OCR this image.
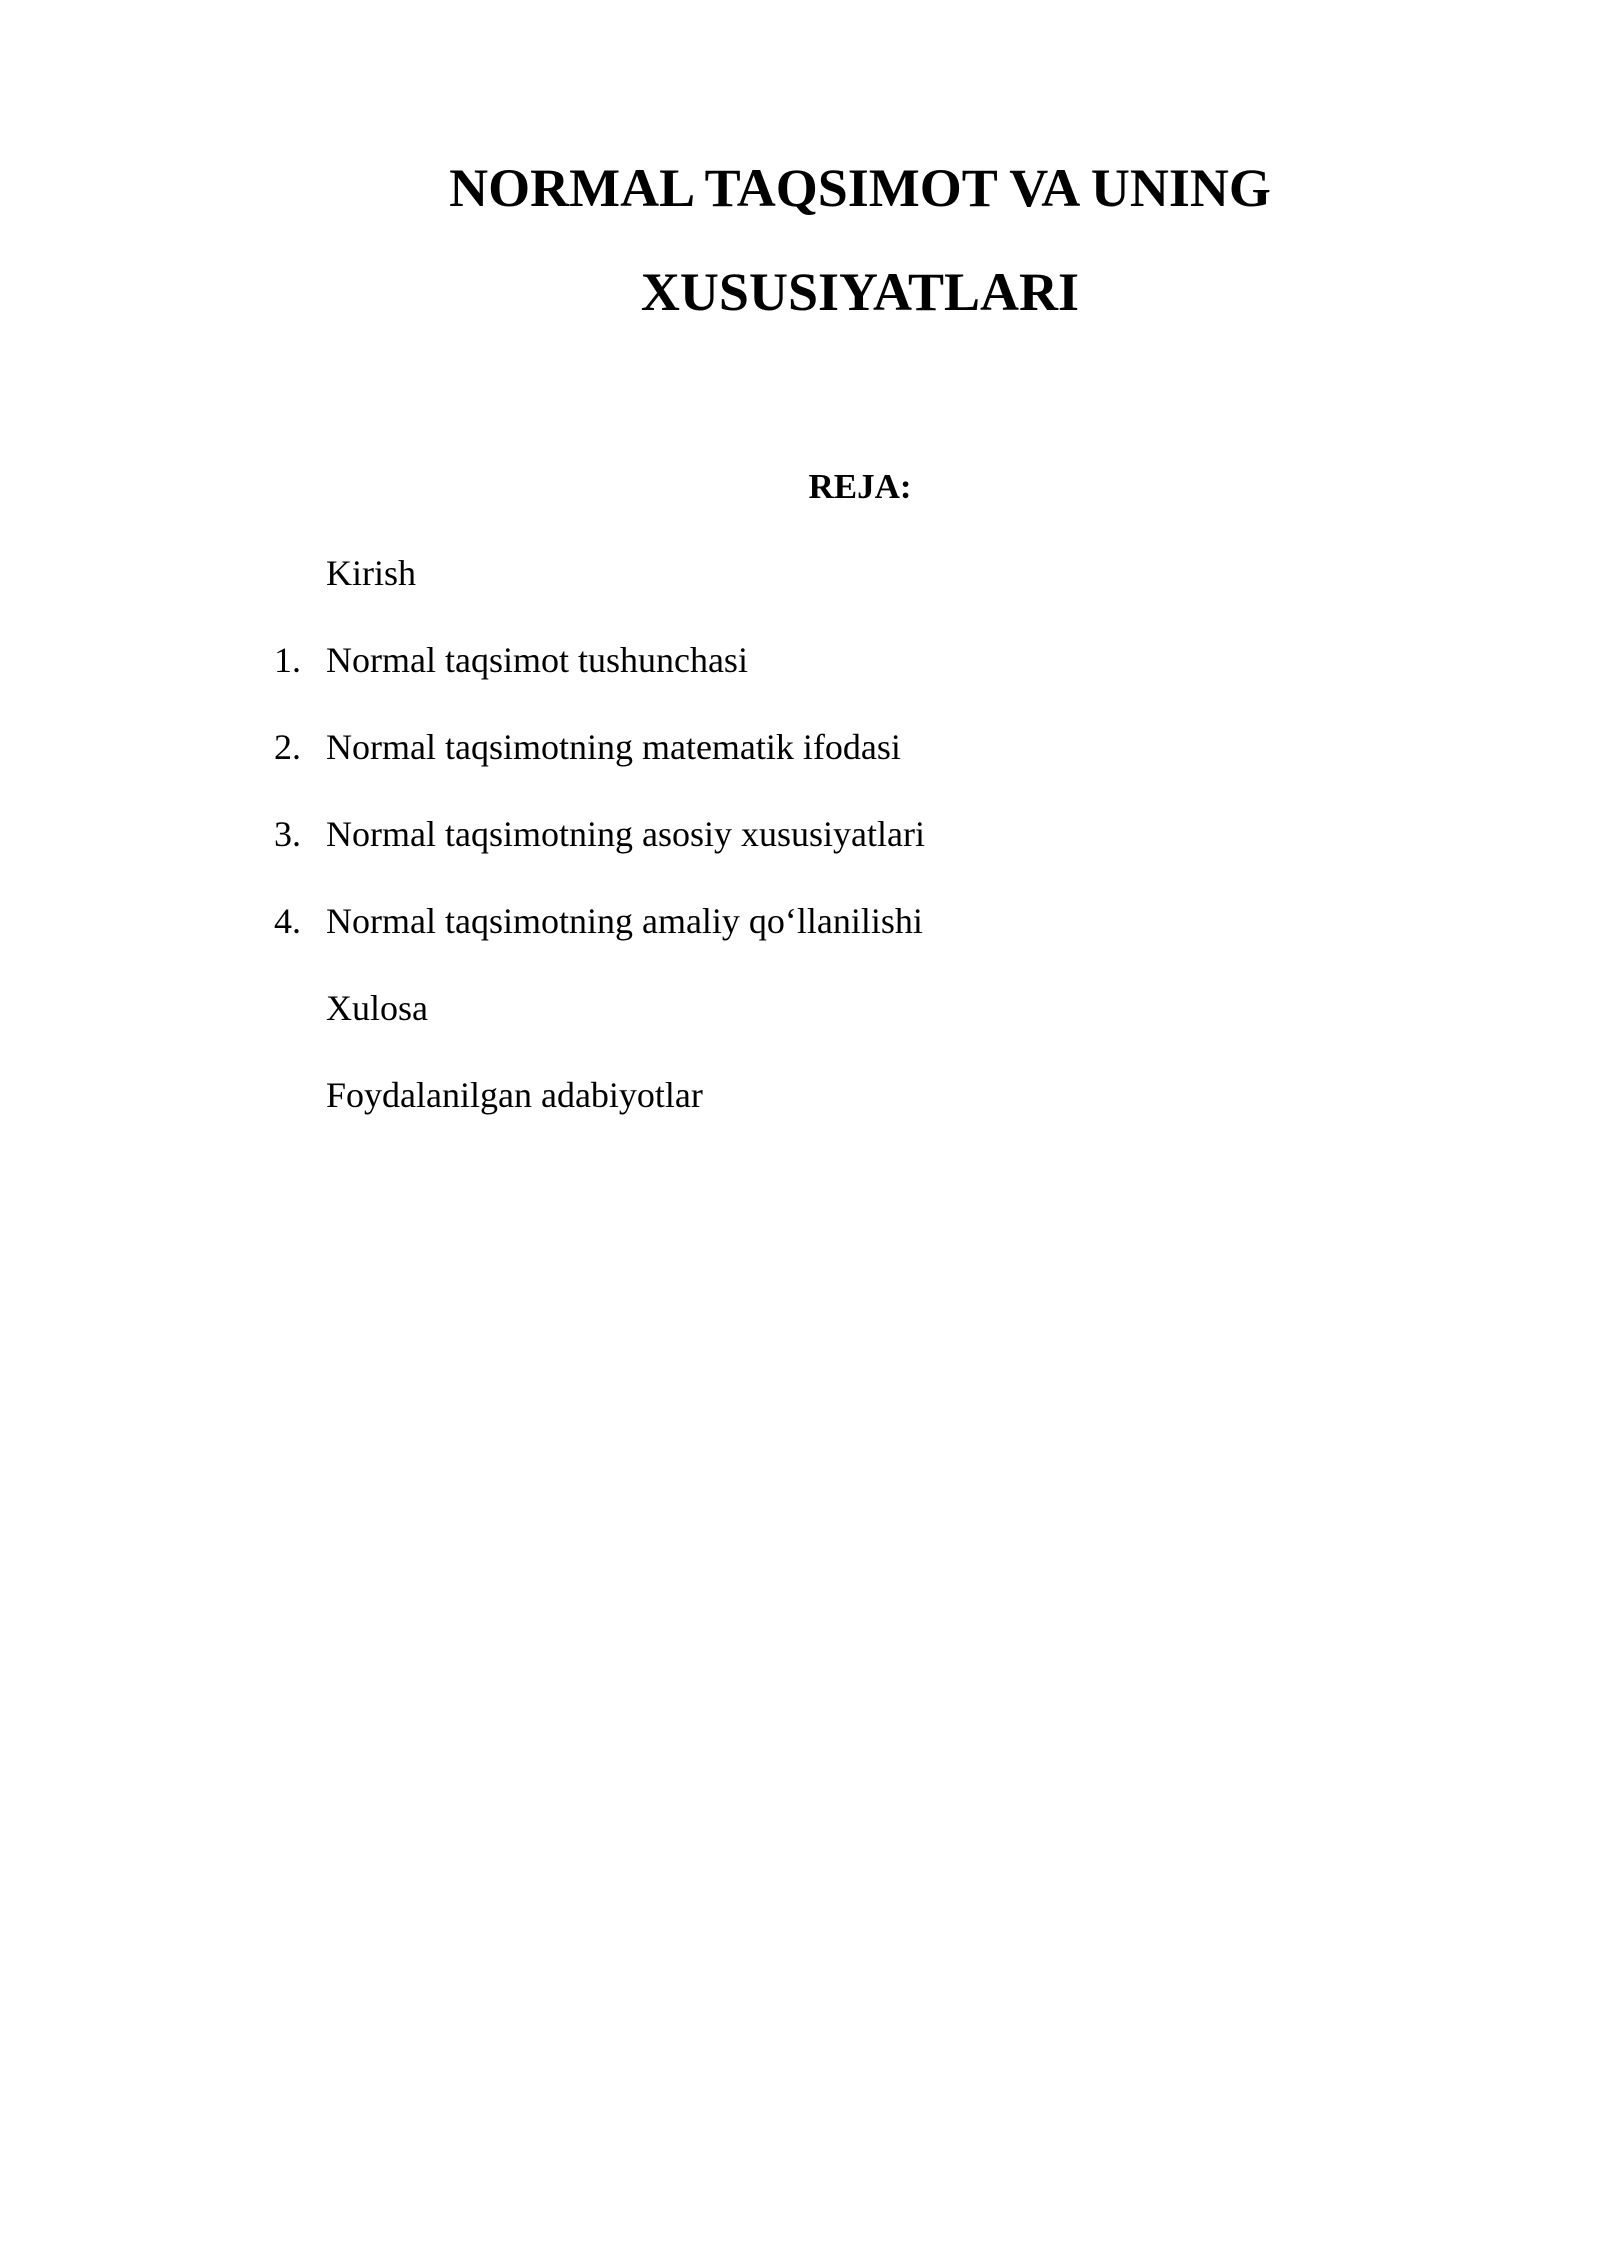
NORMAL TAQSIMOT VA UNING
XUSUSIYATLARI
REJA:
Kirish
1. Normal taqsimot tushunchasi
2. Normal taqsimotning matematik ifodasi
3. Normal taqsimotning asosiy xususiyatlari
4. Normal taqsimotning amaliy qo‘llanilishi
Xulosa
Foydalanilgan adabiyotlar
